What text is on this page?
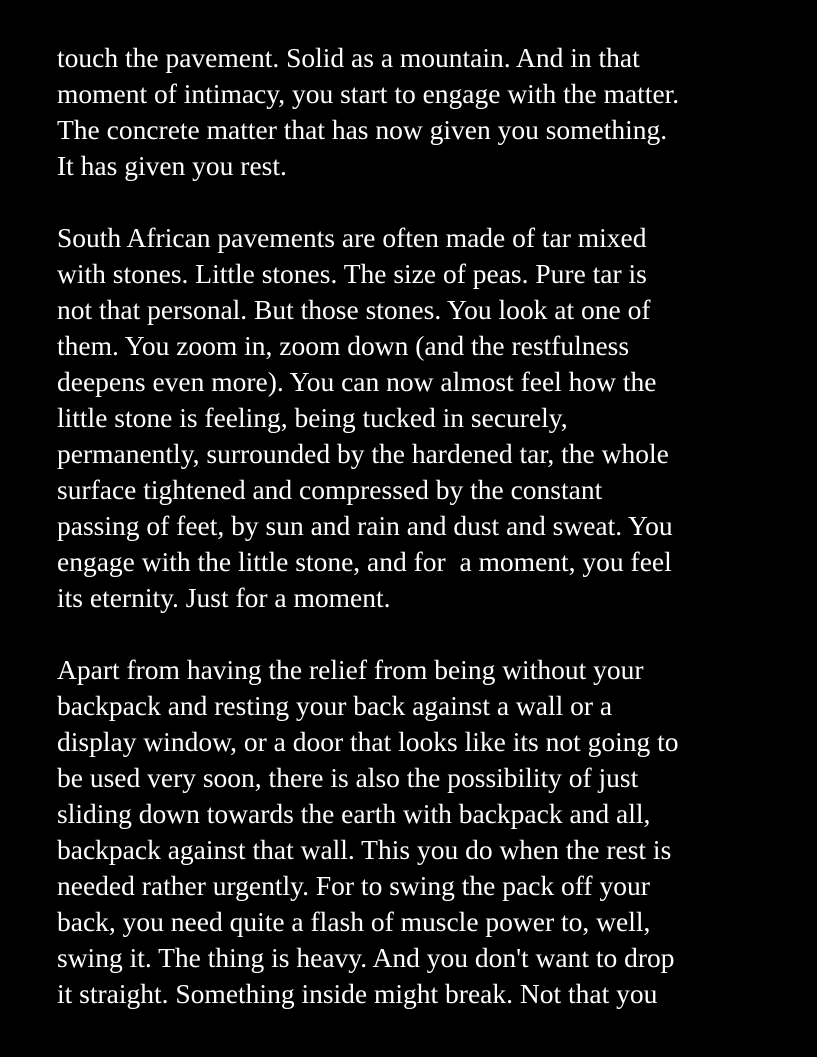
touch the pavement. Solid as a mountain. And in that
moment of intimacy, you start to engage with the matter.
The concrete matter that has now given you something.
It has given you rest.

South African pavements are often made of tar mixed
with stones. Little stones. The size of peas. Pure tar is
not that personal. But those stones. You look at one of
them. You zoom in, zoom down (and the restfulness
deepens even more). You can now almost feel how the
little stone is feeling, being tucked in securely,
permanently, surrounded by the hardened tar, the whole
surface tightened and compressed by the constant
passing of feet, by sun and rain and dust and sweat. You
engage with the little stone, and for  a moment, you feel
its eternity. Just for a moment.

Apart from having the relief from being without your
backpack and resting your back against a wall or a
display window, or a door that looks like its not going to
be used very soon, there is also the possibility of just
sliding down towards the earth with backpack and all,
backpack against that wall. This you do when the rest is
needed rather urgently. For to swing the pack off your
back, you need quite a flash of muscle power to, well,
swing it. The thing is heavy. And you don't want to drop
it straight. Something inside might break. Not that you
